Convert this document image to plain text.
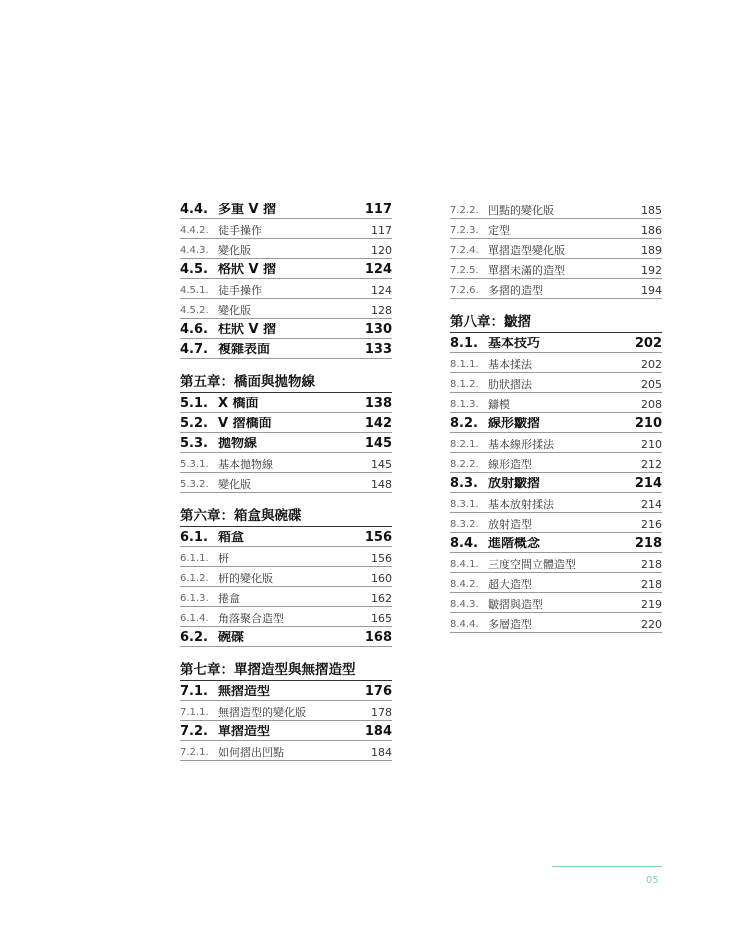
4.4. 多重 V 摺	117
4.4.2. 徒手操作	117
4.4.3. 變化版	120
4.5. 格狀 V 摺	124
4.5.1. 徒手操作	124
4.5.2. 變化版	128
4.6. 柱狀 V 摺	130
4.7. 複雜表面	133
第五章：橋面與拋物線
5.1. X 橋面	138
5.2. V 摺橋面	142
5.3. 拋物線	145
5.3.1. 基本拋物線	145
5.3.2. 變化版	148
第六章：箱盒與碗碟
6.1. 箱盒	156
6.1.1. 枅	156
6.1.2. 枅的變化版	160
6.1.3. 捲盒	162
6.1.4. 角落聚合造型	165
6.2. 碗碟	168
第七章：單摺造型與無摺造型
7.1. 無摺造型	176
7.1.1. 無摺造型的變化版	178
7.2. 單摺造型	184
7.2.1. 如何摺出凹點	184
7.2.2. 凹點的變化版	185
7.2.3. 定型	186
7.2.4. 單摺造型變化版	189
7.2.5. 單摺未滿的造型	192
7.2.6. 多摺的造型	194
第八章：皺摺
8.1. 基本技巧	202
8.1.1. 基本揉法	202
8.1.2. 肋狀摺法	205
8.1.3. 鑄模	208
8.2. 線形皺摺	210
8.2.1. 基本線形揉法	210
8.2.2. 線形造型	212
8.3. 放射皺摺	214
8.3.1. 基本放射揉法	214
8.3.2. 放射造型	216
8.4. 進階概念	218
8.4.1. 三度空間立體造型	218
8.4.2. 超大造型	218
8.4.3. 皺摺與造型	219
8.4.4. 多層造型	220
05
